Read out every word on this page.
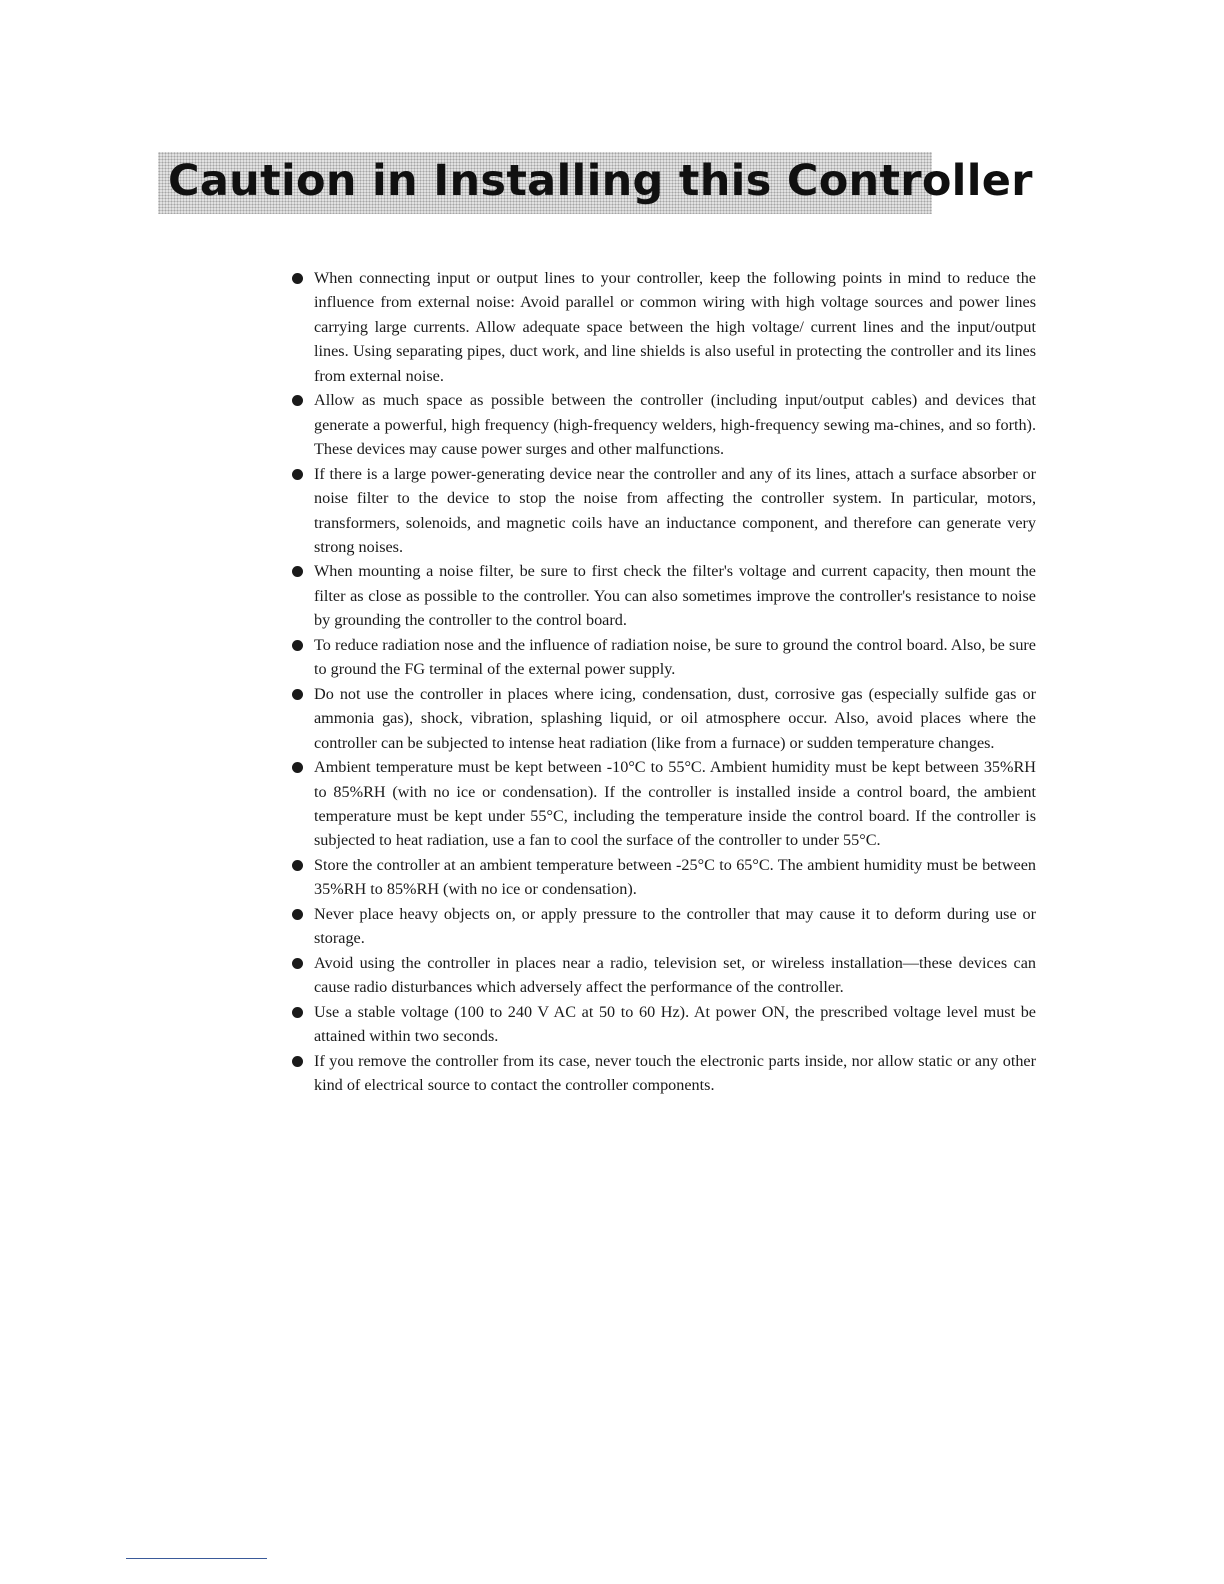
Caution in Installing this Controller
When connecting input or output lines to your controller, keep the following points in mind to reduce the influence from external noise: Avoid parallel or common wiring with high voltage sources and power lines carrying large currents. Allow adequate space between the high voltage/ current lines and the input/output lines. Using separating pipes, duct work, and line shields is also useful in protecting the controller and its lines from external noise.
Allow as much space as possible between the controller (including input/output cables) and devices that generate a powerful, high frequency (high-frequency welders, high-frequency sewing ma-chines, and so forth). These devices may cause power surges and other malfunctions.
If there is a large power-generating device near the controller and any of its lines, attach a surface absorber or noise filter to the device to stop the noise from affecting the controller system. In particular, motors, transformers, solenoids, and magnetic coils have an inductance component, and therefore can generate very strong noises.
When mounting a noise filter, be sure to first check the filter's voltage and current capacity, then mount the filter as close as possible to the controller. You can also sometimes improve the controller's resistance to noise by grounding the controller to the control board.
To reduce radiation nose and the influence of radiation noise, be sure to ground the control board. Also, be sure to ground the FG terminal of the external power supply.
Do not use the controller in places where icing, condensation, dust, corrosive gas (especially sulfide gas or ammonia gas), shock, vibration, splashing liquid, or oil atmosphere occur. Also, avoid places where the controller can be subjected to intense heat radiation (like from a furnace) or sudden temperature changes.
Ambient temperature must be kept between -10°C to 55°C. Ambient humidity must be kept between 35%RH to 85%RH (with no ice or condensation). If the controller is installed inside a control board, the ambient temperature must be kept under 55°C, including the temperature inside the control board. If the controller is subjected to heat radiation, use a fan to cool the surface of the controller to under 55°C.
Store the controller at an ambient temperature between -25°C to 65°C. The ambient humidity must be between 35%RH to 85%RH (with no ice or condensation).
Never place heavy objects on, or apply pressure to the controller that may cause it to deform during use or storage.
Avoid using the controller in places near a radio, television set, or wireless installation—these devices can cause radio disturbances which adversely affect the performance of the controller.
Use a stable voltage (100 to 240 V AC at 50 to 60 Hz). At power ON, the prescribed voltage level must be attained within two seconds.
If you remove the controller from its case, never touch the electronic parts inside, nor allow static or any other kind of electrical source to contact the controller components.
